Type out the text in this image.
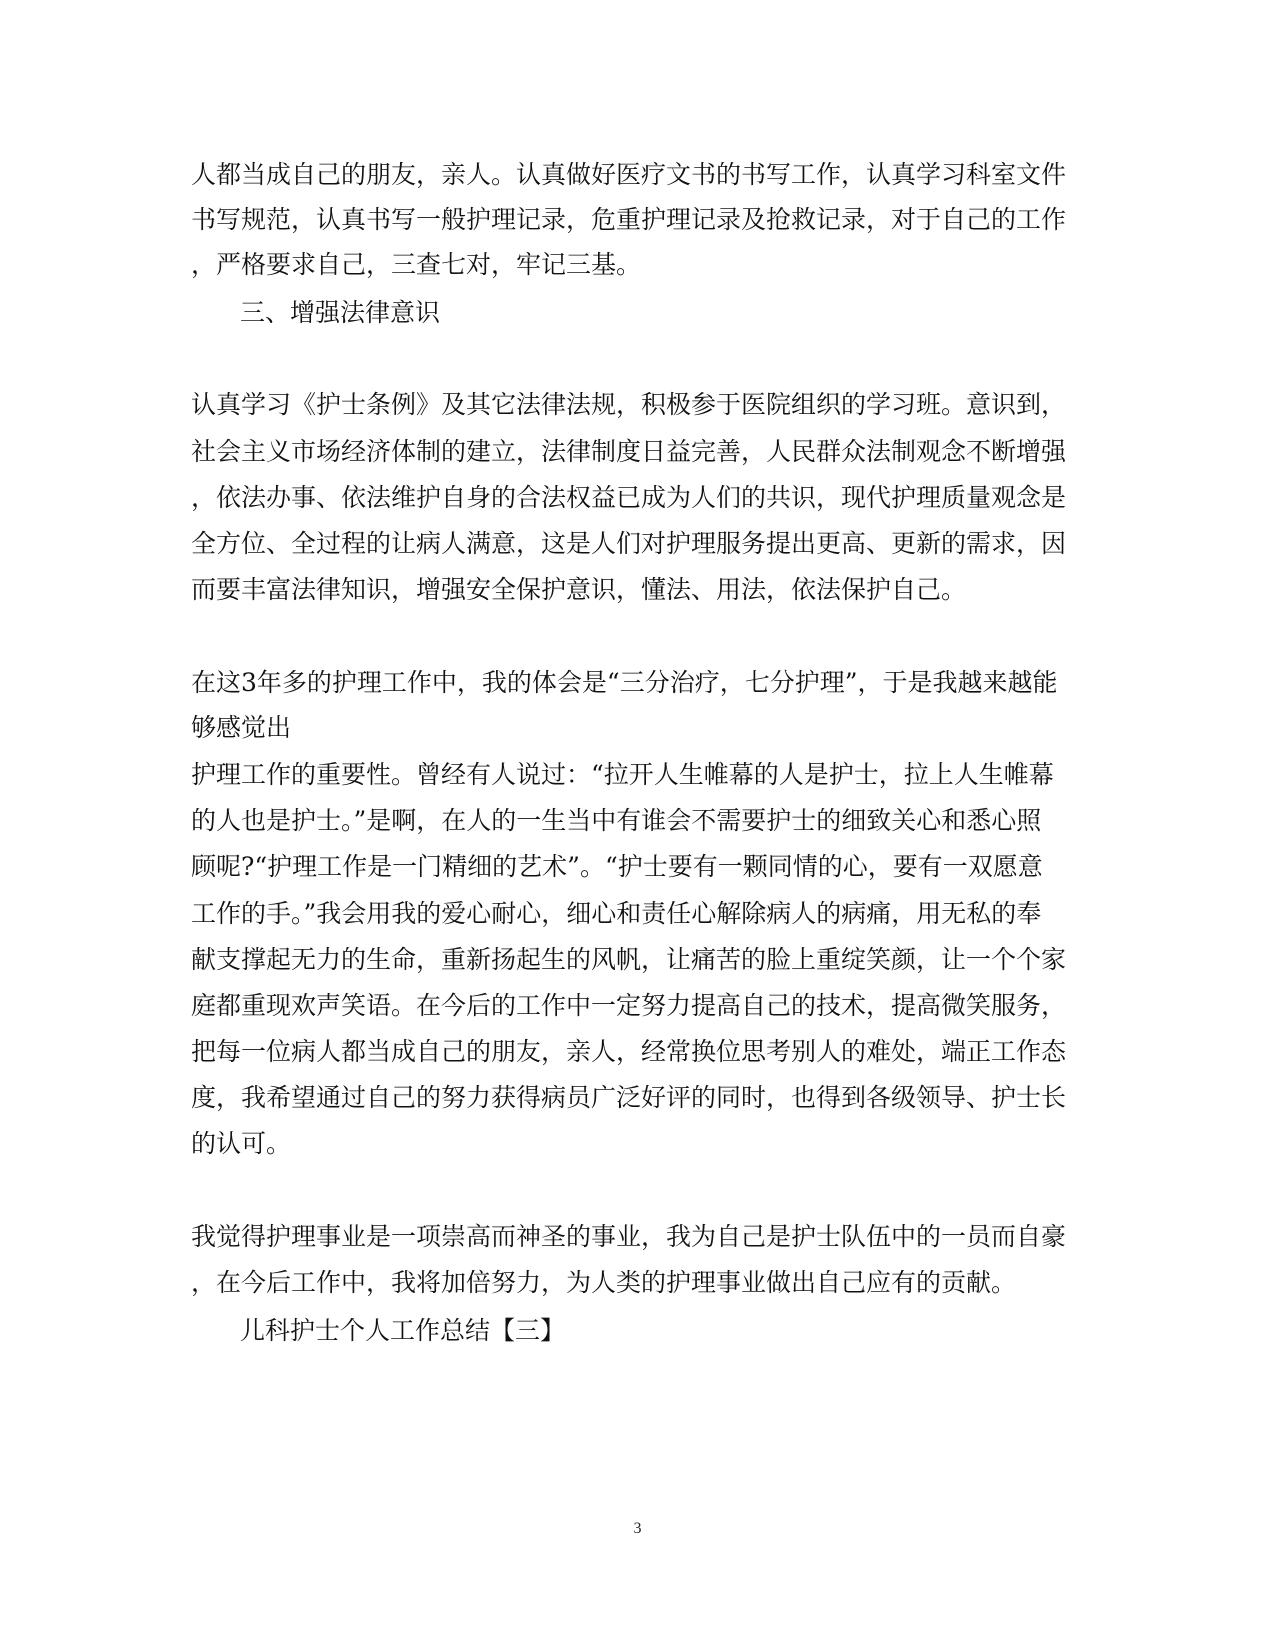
人都当成自己的朋友，亲人。认真做好医疗文书的书写工作，认真学习科室文件
书写规范，认真书写一般护理记录，危重护理记录及抢救记录，对于自己的工作
，严格要求自己，三查七对，牢记三基。
三、增强法律意识
认真学习《护士条例》及其它法律法规，积极参于医院组织的学习班。意识到，
社会主义市场经济体制的建立，法律制度日益完善，人民群众法制观念不断增强
，依法办事、依法维护自身的合法权益已成为人们的共识，现代护理质量观念是
全方位、全过程的让病人满意，这是人们对护理服务提出更高、更新的需求，因
而要丰富法律知识，增强安全保护意识，懂法、用法，依法保护自己。
在这3年多的护理工作中，我的体会是“三分治疗，七分护理”，于是我越来越能
够感觉出
护理工作的重要性。曾经有人说过：“拉开人生帷幕的人是护士，拉上人生帷幕
的人也是护士。”是啊，在人的一生当中有谁会不需要护士的细致关心和悉心照
顾呢?“护理工作是一门精细的艺术”。“护士要有一颗同情的心，要有一双愿意
工作的手。”我会用我的爱心耐心，细心和责任心解除病人的病痛，用无私的奉
献支撑起无力的生命，重新扬起生的风帆，让痛苦的脸上重绽笑颜，让一个个家
庭都重现欢声笑语。在今后的工作中一定努力提高自己的技术，提高微笑服务，
把每一位病人都当成自己的朋友，亲人，经常换位思考别人的难处，端正工作态
度，我希望通过自己的努力获得病员广泛好评的同时，也得到各级领导、护士长
的认可。
我觉得护理事业是一项崇高而神圣的事业，我为自己是护士队伍中的一员而自豪
，在今后工作中，我将加倍努力，为人类的护理事业做出自己应有的贡献。
儿科护士个人工作总结【三】
3
